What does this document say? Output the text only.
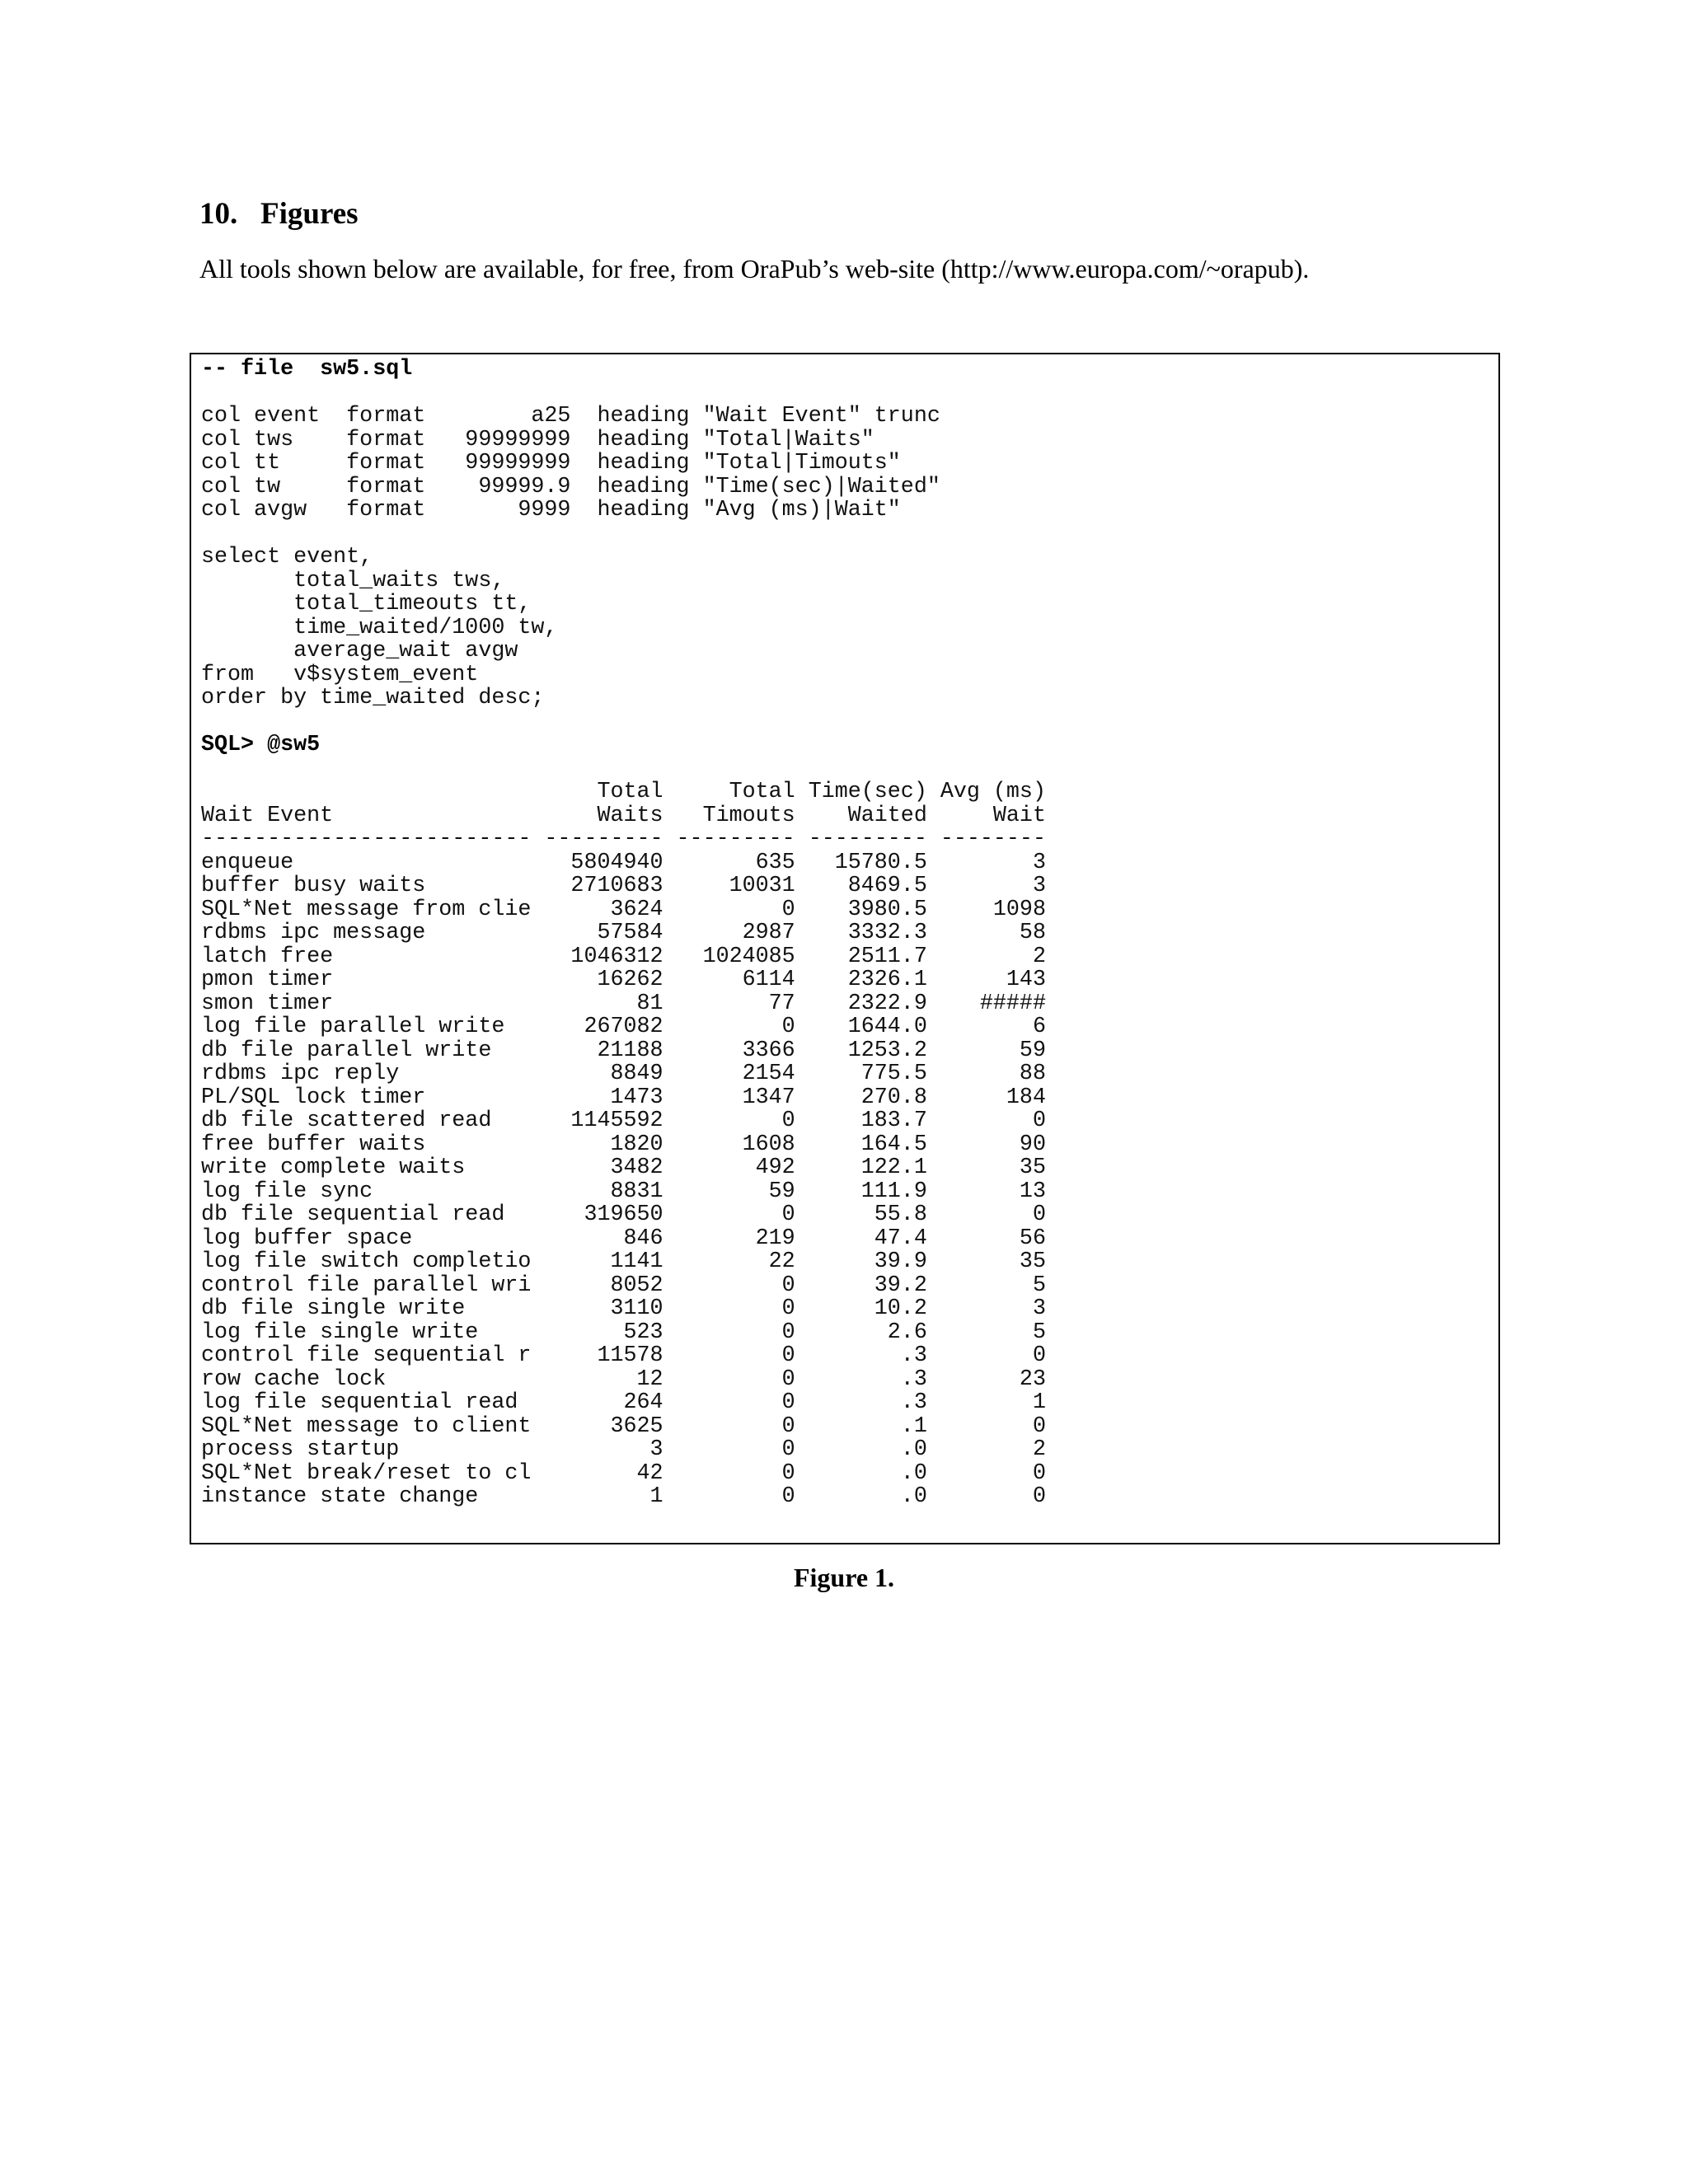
10. Figures

All tools shown below are available, for free, from OraPub’s web-site (http://www.europa.com/~orapub).

-- file  sw5.sql
col event  format        a25  heading "Wait Event" trunc
col tws    format   99999999  heading "Total|Waits"
col tt     format   99999999  heading "Total|Timouts"
col tw     format    99999.9  heading "Time(sec)|Waited"
col avgw   format       9999  heading "Avg (ms)|Wait"
select event,
total_waits tws,
total_timeouts tt,
time_waited/1000 tw,
average_wait avgw
from   v$system_event
order by time_waited desc;
SQL> @sw5
Total     Total Time(sec) Avg (ms)
Wait Event                    Waits   Timouts    Waited     Wait
------------------------- --------- --------- --------- --------
enqueue                     5804940       635   15780.5        3
buffer busy waits           2710683     10031    8469.5        3
SQL*Net message from clie      3624         0    3980.5     1098
rdbms ipc message             57584      2987    3332.3       58
latch free                  1046312   1024085    2511.7        2
pmon timer                    16262      6114    2326.1      143
smon timer                       81        77    2322.9    #####
log file parallel write      267082         0    1644.0        6
db file parallel write        21188      3366    1253.2       59
rdbms ipc reply                8849      2154     775.5       88
PL/SQL lock timer              1473      1347     270.8      184
db file scattered read      1145592         0     183.7        0
free buffer waits              1820      1608     164.5       90
write complete waits           3482       492     122.1       35
log file sync                  8831        59     111.9       13
db file sequential read      319650         0      55.8        0
log buffer space                846       219      47.4       56
log file switch completio      1141        22      39.9       35
control file parallel wri      8052         0      39.2        5
db file single write           3110         0      10.2        3
log file single write           523         0       2.6        5
control file sequential r     11578         0        .3        0
row cache lock                   12         0        .3       23
log file sequential read        264         0        .3        1
SQL*Net message to client      3625         0        .1        0
process startup                   3         0        .0        2
SQL*Net break/reset to cl        42         0        .0        0
instance state change             1         0        .0        0

Figure 1.
